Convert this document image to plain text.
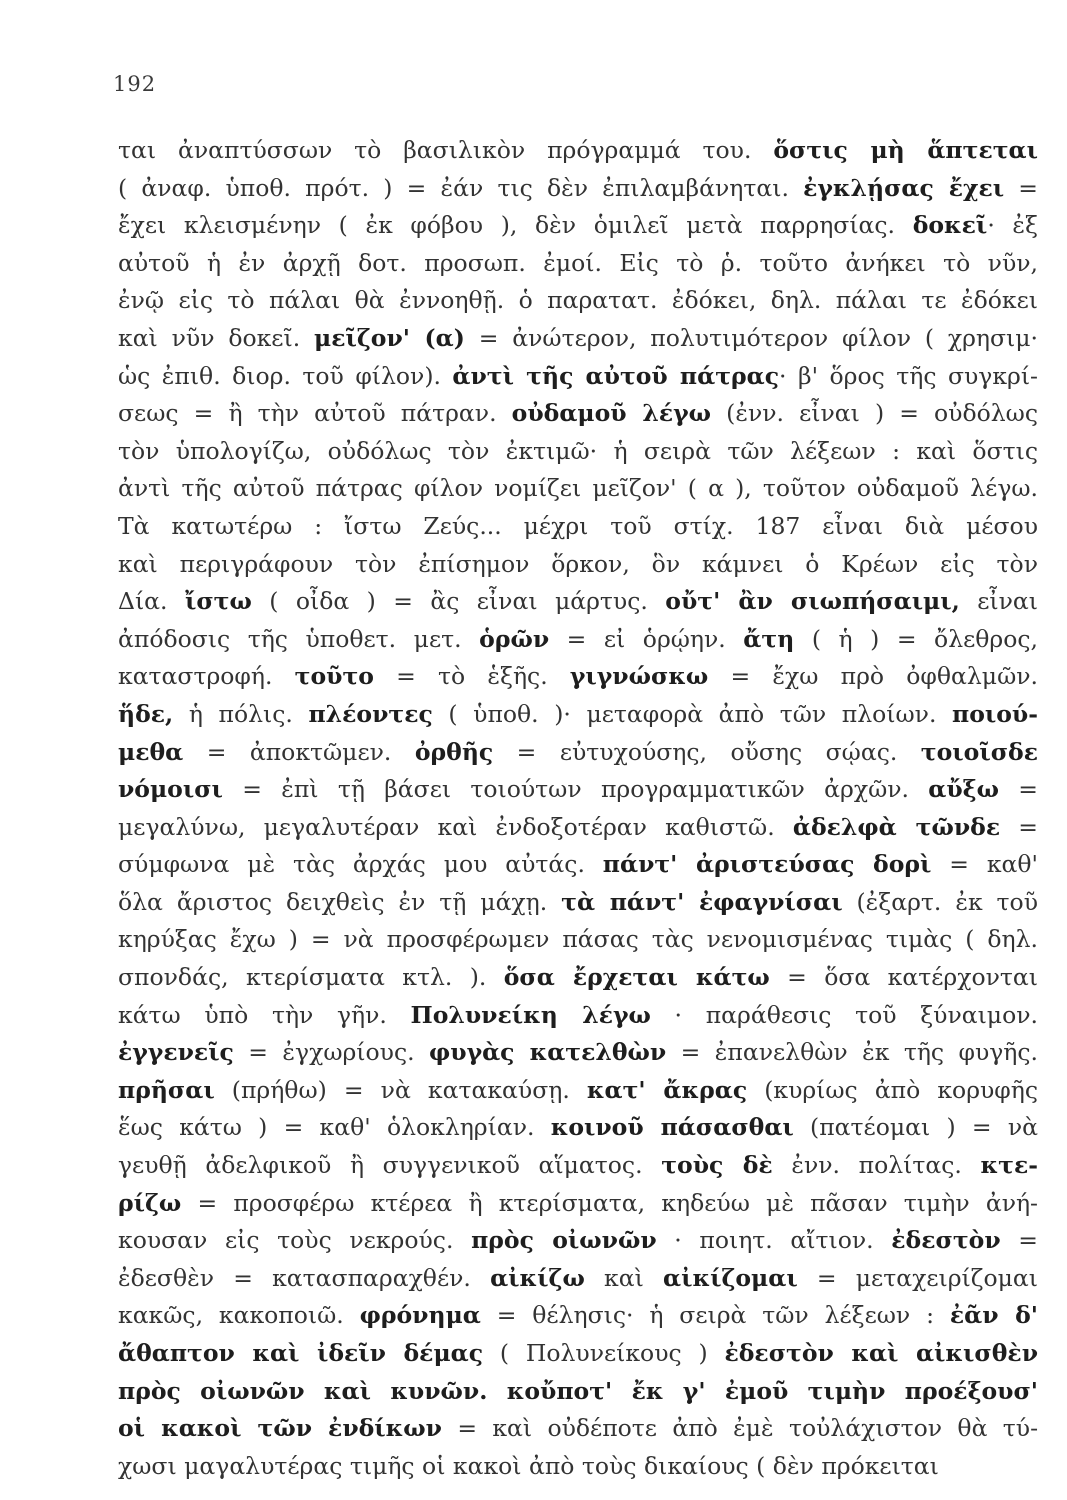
192
ται ἀναπτύσσων τὸ βασιλικὸν πρόγραμμά του. ὅστις μὴ ἅπτεται
( ἀναφ. ὑποθ. πρότ. ) = ἐάν τις δὲν ἐπιλαμβάνηται. ἐγκλῄσας ἔχει =
ἔχει κλεισμένην ( ἐκ φόβου ), δὲν ὁμιλεῖ μετὰ παρρησίας. δοκεῖ· ἐξ
αὐτοῦ ἡ ἐν ἀρχῇ δοτ. προσωπ. ἐμοί. Εἰς τὸ ῥ. τοῦτο ἀνήκει τὸ νῦν,
ἐνῷ εἰς τὸ πάλαι θὰ ἐννοηθῇ. ὁ παρατατ. ἐδόκει, δηλ. πάλαι τε ἐδόκει
καὶ νῦν δοκεῖ. μεῖζον' (α) = ἀνώτερον, πολυτιμότερον φίλον ( χρησιμ·
ὡς ἐπιθ. διορ. τοῦ φίλον). ἀντὶ τῆς αὐτοῦ πάτρας· β' ὅρος τῆς συγκρί-
σεως = ἢ τὴν αὐτοῦ πάτραν. οὐδαμοῦ λέγω (ἐνν. εἶναι ) = οὐδόλως
τὸν ὑπολογίζω, οὐδόλως τὸν ἐκτιμῶ· ἡ σειρὰ τῶν λέξεων : καὶ ὅστις
ἀντὶ τῆς αὐτοῦ πάτρας φίλον νομίζει μεῖζον' ( α ), τοῦτον οὐδαμοῦ λέγω.
Τὰ κατωτέρω : ἴστω Ζεύς... μέχρι τοῦ στίχ. 187 εἶναι διὰ μέσου
καὶ περιγράφουν τὸν ἐπίσημον ὅρκον, ὃν κάμνει ὁ Κρέων εἰς τὸν
Δία. ἴστω ( οἶδα ) = ἂς εἶναι μάρτυς. οὔτ' ἂν σιωπήσαιμι, εἶναι
ἀπόδοσις τῆς ὑποθετ. μετ. ὁρῶν = εἰ ὁρῴην. ἄτη ( ἡ ) = ὄλεθρος,
καταστροφή. τοῦτο = τὸ ἑξῆς. γιγνώσκω = ἔχω πρὸ ὀφθαλμῶν.
ἥδε, ἡ πόλις. πλέοντες ( ὑποθ. )· μεταφορὰ ἀπὸ τῶν πλοίων. ποιού-
μεθα = ἀποκτῶμεν. ὀρθῆς = εὐτυχούσης, οὔσης σῴας. τοιοῖσδε
νόμοισι = ἐπὶ τῇ βάσει τοιούτων προγραμματικῶν ἀρχῶν. αὔξω =
μεγαλύνω, μεγαλυτέραν καὶ ἐνδοξοτέραν καθιστῶ. ἀδελφὰ τῶνδε =
σύμφωνα μὲ τὰς ἀρχάς μου αὐτάς. πάντ' ἀριστεύσας δορὶ = καθ'
ὅλα ἄριστος δειχθεὶς ἐν τῇ μάχῃ. τὰ πάντ' ἐφαγνίσαι (ἐξαρτ. ἐκ τοῦ
κηρύξας ἔχω ) = νὰ προσφέρωμεν πάσας τὰς νενομισμένας τιμὰς ( δηλ.
σπονδάς, κτερίσματα κτλ. ). ὅσα ἔρχεται κάτω = ὅσα κατέρχονται
κάτω ὑπὸ τὴν γῆν. Πολυνείκη λέγω · παράθεσις τοῦ ξύναιμον.
ἐγγενεῖς = ἐγχωρίους. φυγὰς κατελθὼν = ἐπανελθὼν ἐκ τῆς φυγῆς.
πρῆσαι (πρήθω) = νὰ κατακαύσῃ. κατ' ἄκρας (κυρίως ἀπὸ κορυφῆς
ἕως κάτω ) = καθ' ὁλοκληρίαν. κοινοῦ πάσασθαι (πατέομαι ) = νὰ
γευθῇ ἀδελφικοῦ ἢ συγγενικοῦ αἵματος. τοὺς δὲ ἐνν. πολίτας. κτε-
ρίζω = προσφέρω κτέρεα ἢ κτερίσματα, κηδεύω μὲ πᾶσαν τιμὴν ἀνή-
κουσαν εἰς τοὺς νεκρούς. πρὸς οἰωνῶν · ποιητ. αἴτιον. ἐδεστὸν =
ἐδεσθὲν = κατασπαραχθέν. αἰκίζω καὶ αἰκίζομαι = μεταχειρίζομαι
κακῶς, κακοποιῶ. φρόνημα = θέλησις· ἡ σειρὰ τῶν λέξεων : ἐᾶν δ'
ἄθαπτον καὶ ἰδεῖν δέμας ( Πολυνείκους ) ἐδεστὸν καὶ αἰκισθὲν
πρὸς οἰωνῶν καὶ κυνῶν. κοὔποτ' ἔκ γ' ἐμοῦ τιμὴν προέξουσ'
οἱ κακοὶ τῶν ἐνδίκων = καὶ οὐδέποτε ἀπὸ ἐμὲ τοὐλάχιστον θὰ τύ-
χωσι μαγαλυτέρας τιμῆς οἱ κακοὶ ἀπὸ τοὺς δικαίους ( δὲν πρόκειται
